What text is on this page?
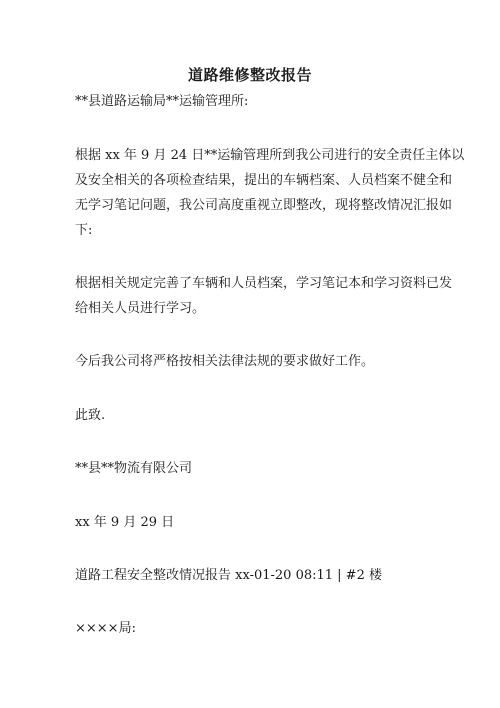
道路维修整改报告
**县道路运输局**运输管理所:
根据 xx 年 9 月 24 日**运输管理所到我公司进行的安全责任主体以
及安全相关的各项检查结果，提出的车辆档案、人员档案不健全和
无学习笔记问题，我公司高度重视立即整改，现将整改情况汇报如
下:
根据相关规定完善了车辆和人员档案，学习笔记本和学习资料已发
给相关人员进行学习。
今后我公司将严格按相关法律法规的要求做好工作。
此致.
**县**物流有限公司
xx 年 9 月 29 日
道路工程安全整改情况报告 xx-01-20 08:11 | #2 楼
××××局:
